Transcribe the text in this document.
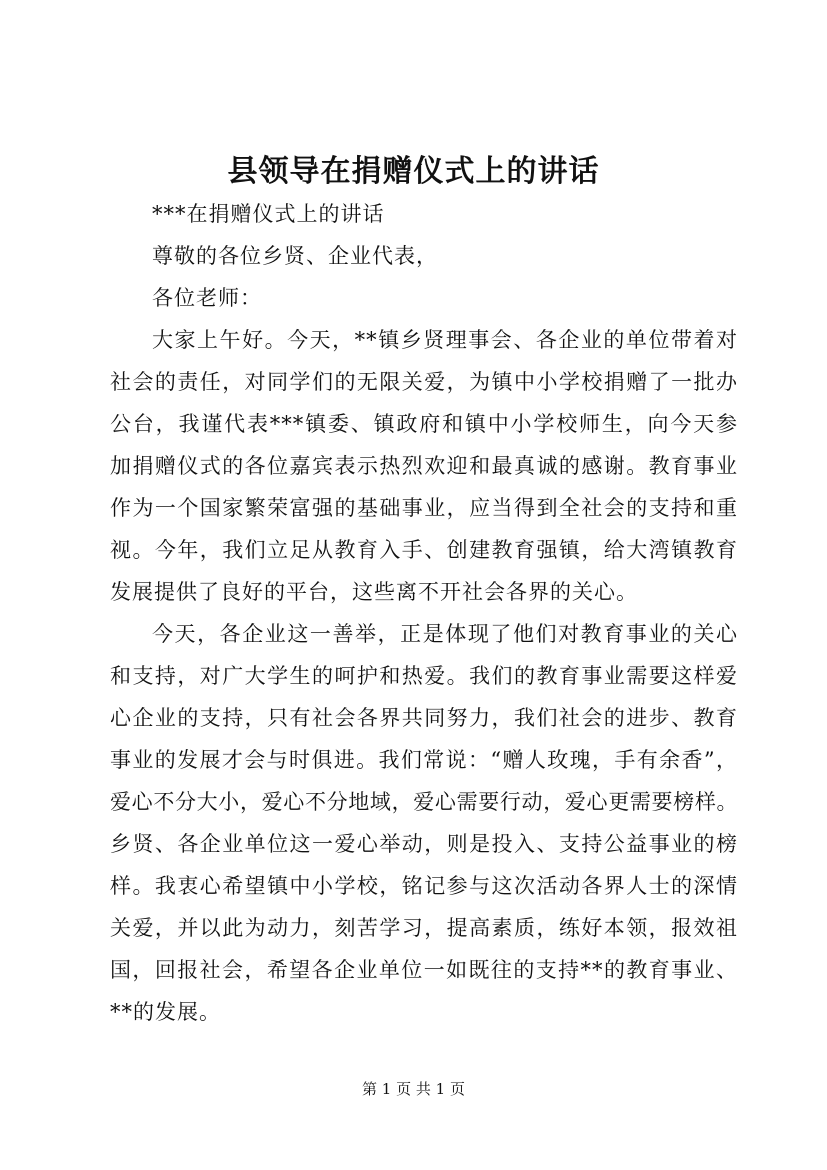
县领导在捐赠仪式上的讲话
***在捐赠仪式上的讲话
尊敬的各位乡贤、企业代表，
各位老师：
大家上午好。今天，**镇乡贤理事会、各企业的单位带着对
社会的责任，对同学们的无限关爱，为镇中小学校捐赠了一批办
公台，我谨代表***镇委、镇政府和镇中小学校师生，向今天参
加捐赠仪式的各位嘉宾表示热烈欢迎和最真诚的感谢。教育事业
作为一个国家繁荣富强的基础事业，应当得到全社会的支持和重
视。今年，我们立足从教育入手、创建教育强镇，给大湾镇教育
发展提供了良好的平台，这些离不开社会各界的关心。
今天，各企业这一善举，正是体现了他们对教育事业的关心
和支持，对广大学生的呵护和热爱。我们的教育事业需要这样爱
心企业的支持，只有社会各界共同努力，我们社会的进步、教育
事业的发展才会与时俱进。我们常说：“赠人玫瑰，手有余香”，
爱心不分大小，爱心不分地域，爱心需要行动，爱心更需要榜样。
乡贤、各企业单位这一爱心举动，则是投入、支持公益事业的榜
样。我衷心希望镇中小学校，铭记参与这次活动各界人士的深情
关爱，并以此为动力，刻苦学习，提高素质，练好本领，报效祖
国，回报社会，希望各企业单位一如既往的支持**的教育事业、
**的发展。
第 1 页 共 1 页
